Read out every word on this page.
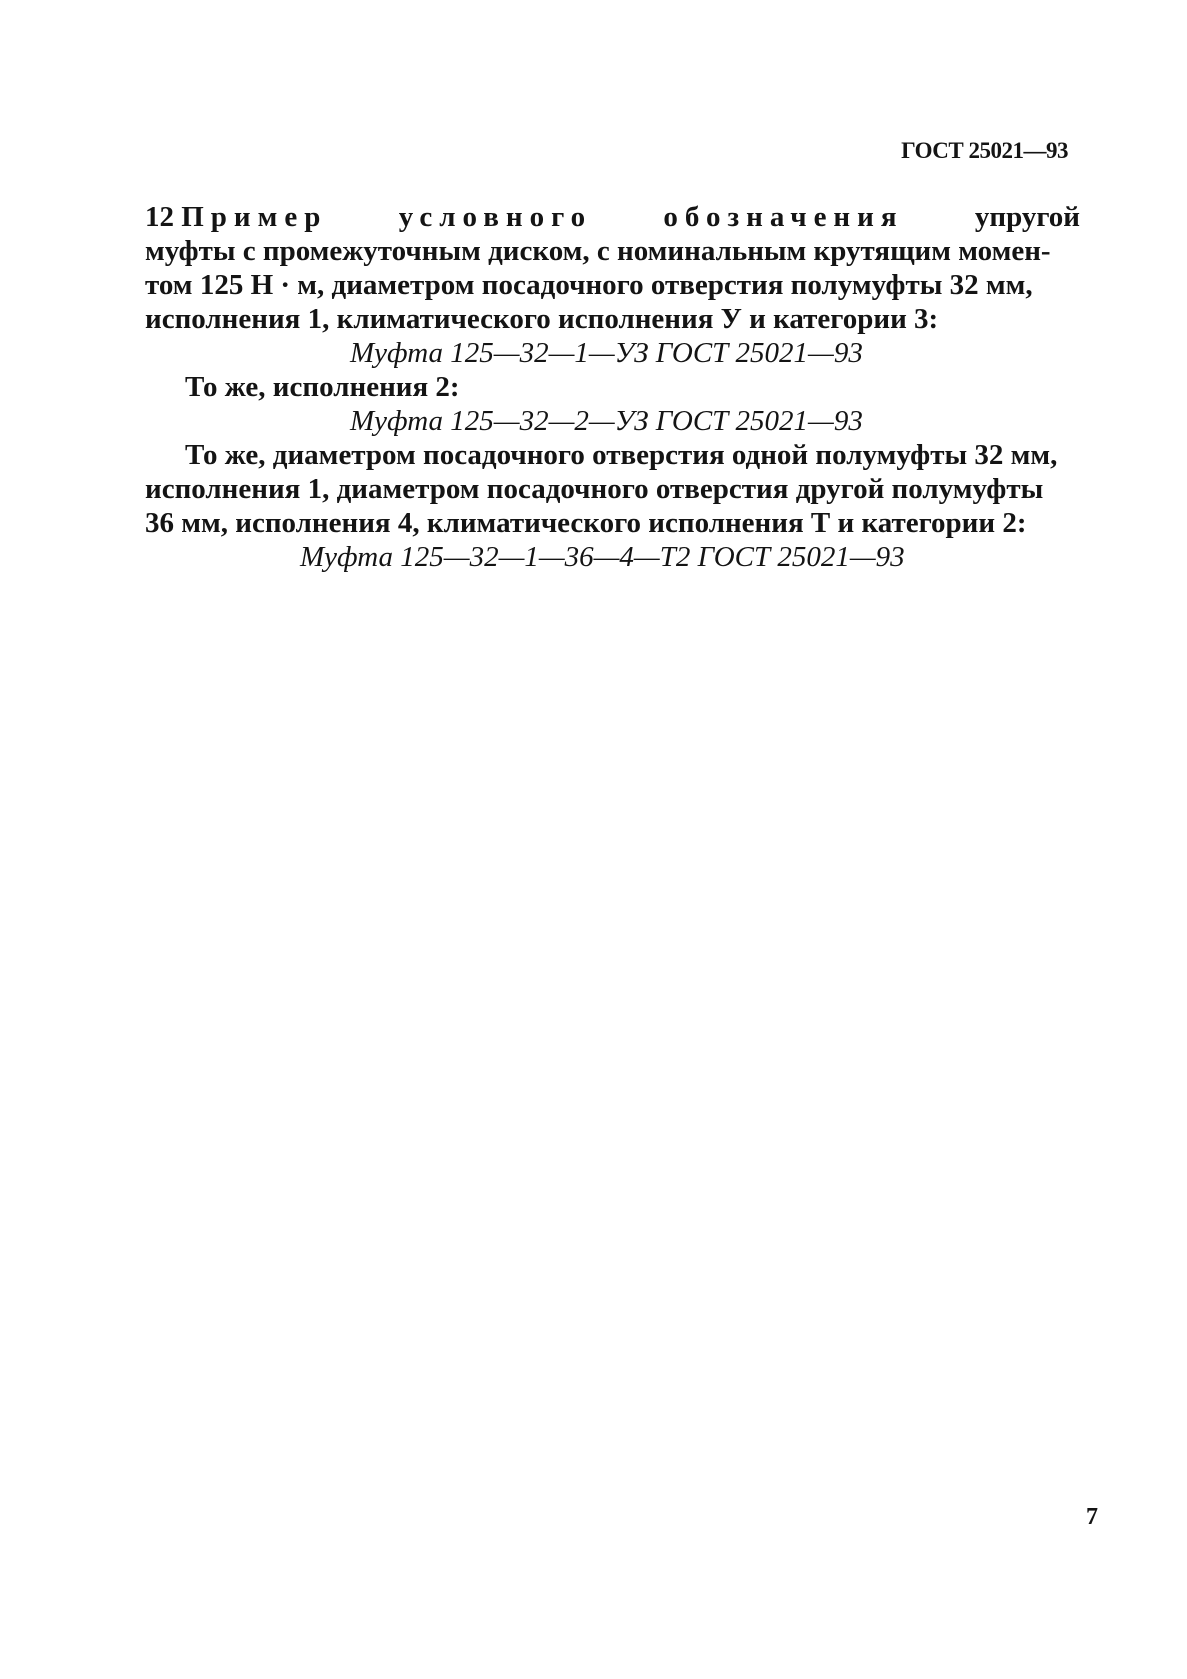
ГОСТ 25021—93
12 Пример условного обозначения упругой
муфты с промежуточным диском, с номинальным крутящим момен-
том 125 Н · м, диаметром посадочного отверстия полумуфты 32 мм,
исполнения 1, климатического исполнения У и категории 3:
Муфта 125—32—1—УЗ ГОСТ 25021—93
То же, исполнения 2:
Муфта 125—32—2—УЗ ГОСТ 25021—93
То же, диаметром посадочного отверстия одной полумуфты 32 мм,
исполнения 1, диаметром посадочного отверстия другой полумуфты
36 мм, исполнения 4, климатического исполнения Т и категории 2:
Муфта 125—32—1—36—4—Т2 ГОСТ 25021—93
7
